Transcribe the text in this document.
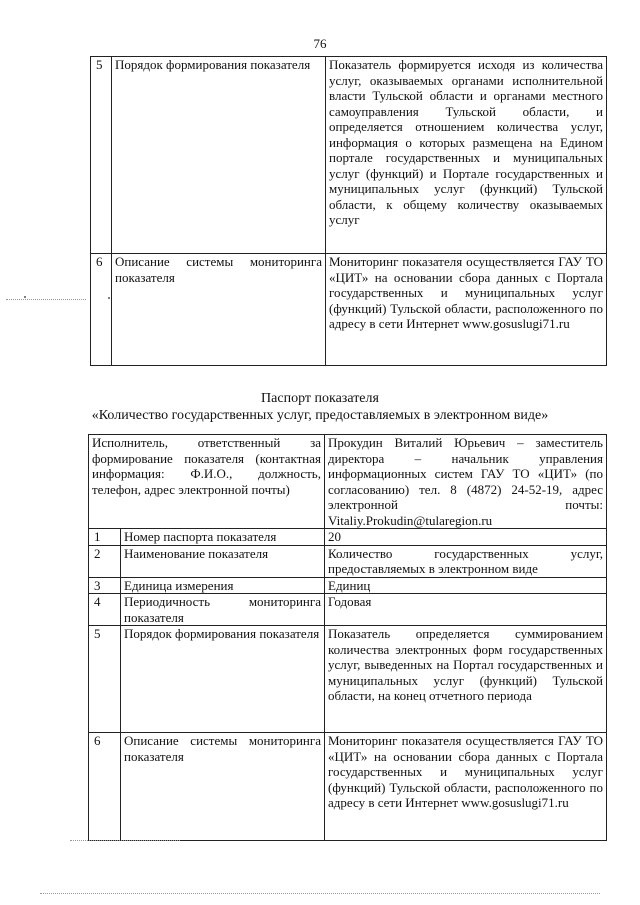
76
5	Порядок формирования показателя	Показатель формируется исходя из количества услуг, оказываемых органами исполнительной власти Тульской области и органами местного самоуправления Тульской области, и определяется отношением количества услуг, информация о которых размещена на Едином портале государственных и муниципальных услуг (функций) и Портале государственных и муниципальных услуг (функций) Тульской области, к общему количеству оказываемых услуг
6	Описание системы мониторинга показателя	Мониторинг показателя осуществляется ГАУ ТО «ЦИТ» на основании сбора данных с Портала государственных и муниципальных услуг (функций) Тульской области, расположенного по адресу в сети Интернет www.gosuslugi71.ru
Паспорт показателя
«Количество государственных услуг, предоставляемых в электронном виде»
Исполнитель, ответственный за формирование показателя (контактная информация: Ф.И.О., должность, телефон, адрес электронной почты)		Прокудин Виталий Юрьевич – заместитель директора – начальник управления информационных систем ГАУ ТО «ЦИТ» (по согласованию) тел. 8 (4872) 24-52-19, адрес электронной почты: Vitaliy.Prokudin@tularegion.ru
1	Номер паспорта показателя	20
2	Наименование показателя	Количество государственных услуг, предоставляемых в электронном виде
3	Единица измерения	Единиц
4	Периодичность мониторинга показателя	Годовая
5	Порядок формирования показателя	Показатель определяется суммированием количества электронных форм государственных услуг, выведенных на Портал государственных и муниципальных услуг (функций) Тульской области, на конец отчетного периода
6	Описание системы мониторинга показателя	Мониторинг показателя осуществляется ГАУ ТО «ЦИТ» на основании сбора данных с Портала государственных и муниципальных услуг (функций) Тульской области, расположенного по адресу в сети Интернет www.gosuslugi71.ru
